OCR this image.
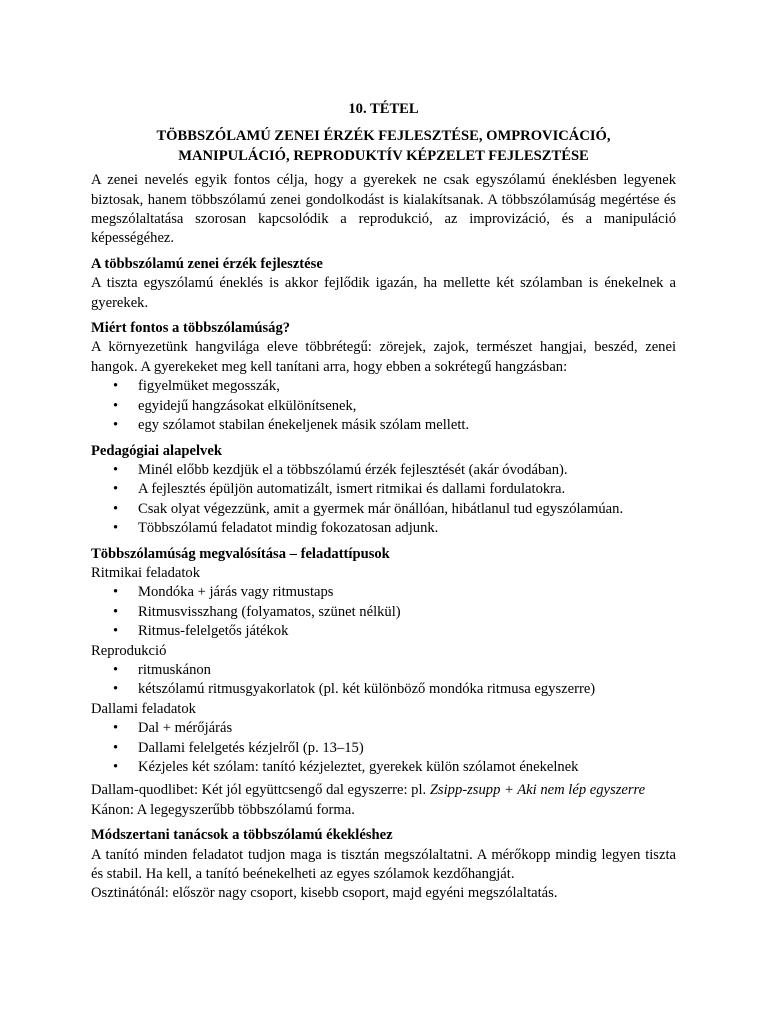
10. TÉTEL
TÖBBSZÓLAMÚ ZENEI ÉRZÉK FEJLESZTÉSE, OMPROVICÁCIÓ,
MANIPULÁCIÓ, REPRODUKTÍV KÉPZELET FEJLESZTÉSE

A zenei nevelés egyik fontos célja, hogy a gyerekek ne csak egyszólamú éneklésben legyenek biztosak, hanem többszólamú zenei gondolkodást is kialakítsanak. A többszólamúság megértése és megszólaltatása szorosan kapcsolódik a reprodukció, az improvizáció, és a manipuláció képességéhez.

A többszólamú zenei érzék fejlesztése

A tiszta egyszólamú éneklés is akkor fejlődik igazán, ha mellette két szólamban is énekelnek a gyerekek.

Miért fontos a többszólamúság?

A környezetünk hangvilága eleve többrétegű: zörejek, zajok, természet hangjai, beszéd, zenei hangok. A gyerekeket meg kell tanítani arra, hogy ebben a sokrétegű hangzásban:

• figyelmüket megosszák,
• egyidejű hangzásokat elkülönítsenek,
• egy szólamot stabilan énekeljenek másik szólam mellett.
Pedagógiai alapelvek
• Minél előbb kezdjük el a többszólamú érzék fejlesztését (akár óvodában).
• A fejlesztés épüljön automatizált, ismert ritmikai és dallami fordulatokra.
• Csak olyat végezzünk, amit a gyermek már önállóan, hibátlanul tud egyszólamúan.
• Többszólamú feladatot mindig fokozatosan adjunk.
Többszólamúság megvalósítása – feladattípusok
Ritmikai feladatok
• Mondóka + járás vagy ritmustaps
• Ritmusvisszhang (folyamatos, szünet nélkül)
• Ritmus-felelgetős játékok
Reprodukció
• ritmuskánon
• kétszólamú ritmusgyakorlatok (pl. két különböző mondóka ritmusa egyszerre)
Dallami feladatok
• Dal + mérőjárás
• Dallami felelgetés kézjelről (p. 13–15)
• Kézjeles két szólam: tanító kézjeleztet, gyerekek külön szólamot énekelnek

Dallam-quodlibet: Két jól együttcsengő dal egyszerre: pl. Zsipp-zsupp + Aki nem lép egyszerre

Kánon: A legegyszerűbb többszólamú forma.

Módszertani tanácsok a többszólamú ékekléshez

A tanító minden feladatot tudjon maga is tisztán megszólaltatni. A mérőkopp mindig legyen tiszta és stabil. Ha kell, a tanító beénekelheti az egyes szólamok kezdőhangját.

Osztinátónál: először nagy csoport, kisebb csoport, majd egyéni megszólaltatás.
